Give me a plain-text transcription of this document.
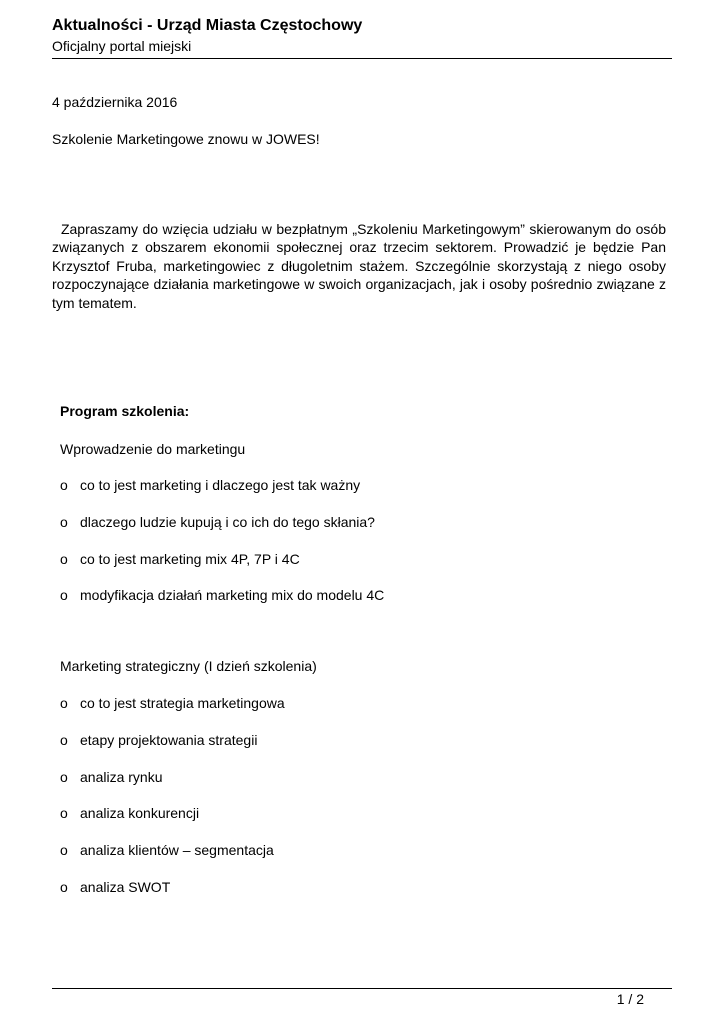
Aktualności - Urząd Miasta Częstochowy

Oficjalny portal miejski

4 października 2016

Szkolenie Marketingowe znowu w JOWES!

Zapraszamy do wzięcia udziału w bezpłatnym „Szkoleniu Marketingowym” skierowanym do osób związanych z obszarem ekonomii społecznej oraz trzecim sektorem. Prowadzić je będzie Pan Krzysztof Fruba, marketingowiec z długoletnim stażem. Szczególnie skorzystają z niego osoby rozpoczynające działania marketingowe w swoich organizacjach, jak i osoby pośrednio związane z tym tematem.

Program szkolenia:

Wprowadzenie do marketingu

o co to jest marketing i dlaczego jest tak ważny
o dlaczego ludzie kupują i co ich do tego skłania?
o co to jest marketing mix 4P, 7P i 4C
o modyfikacja działań marketing mix do modelu 4C

Marketing strategiczny (I dzień szkolenia)

o co to jest strategia marketingowa
o etapy projektowania strategii
o analiza rynku
o analiza konkurencji
o analiza klientów – segmentacja
o analiza SWOT

1 / 2
